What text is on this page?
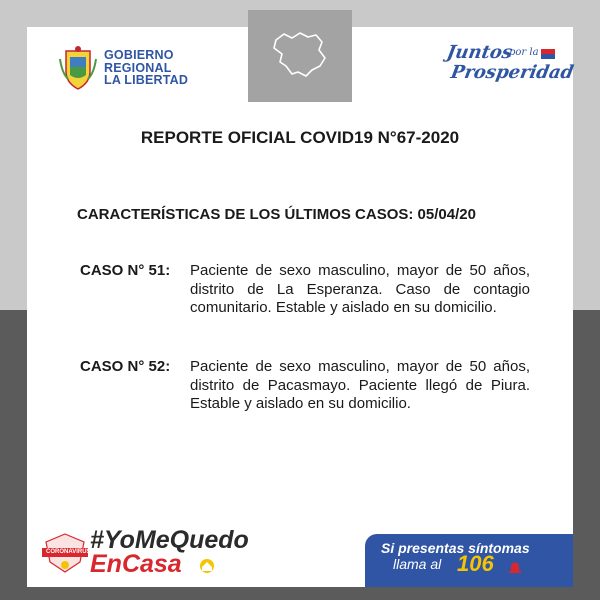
GOBIERNO
REGIONAL
LA LIBERTAD
Juntos
por la
Prosperidad
REPORTE OFICIAL COVID19 N°67-2020
CARACTERÍSTICAS DE LOS ÚLTIMOS CASOS: 05/04/20
CASO N° 51: Paciente de sexo masculino, mayor de 50 años, distrito de La Esperanza. Caso de contagio comunitario. Estable y aislado en su domicilio.
CASO N° 52: Paciente de sexo masculino, mayor de 50 años, distrito de Pacasmayo. Paciente llegó de Piura. Estable y aislado en su domicilio.
CORONAVIRUS #YoMeQuedo
EnCasa
Si presentas síntomas
llama al 106
